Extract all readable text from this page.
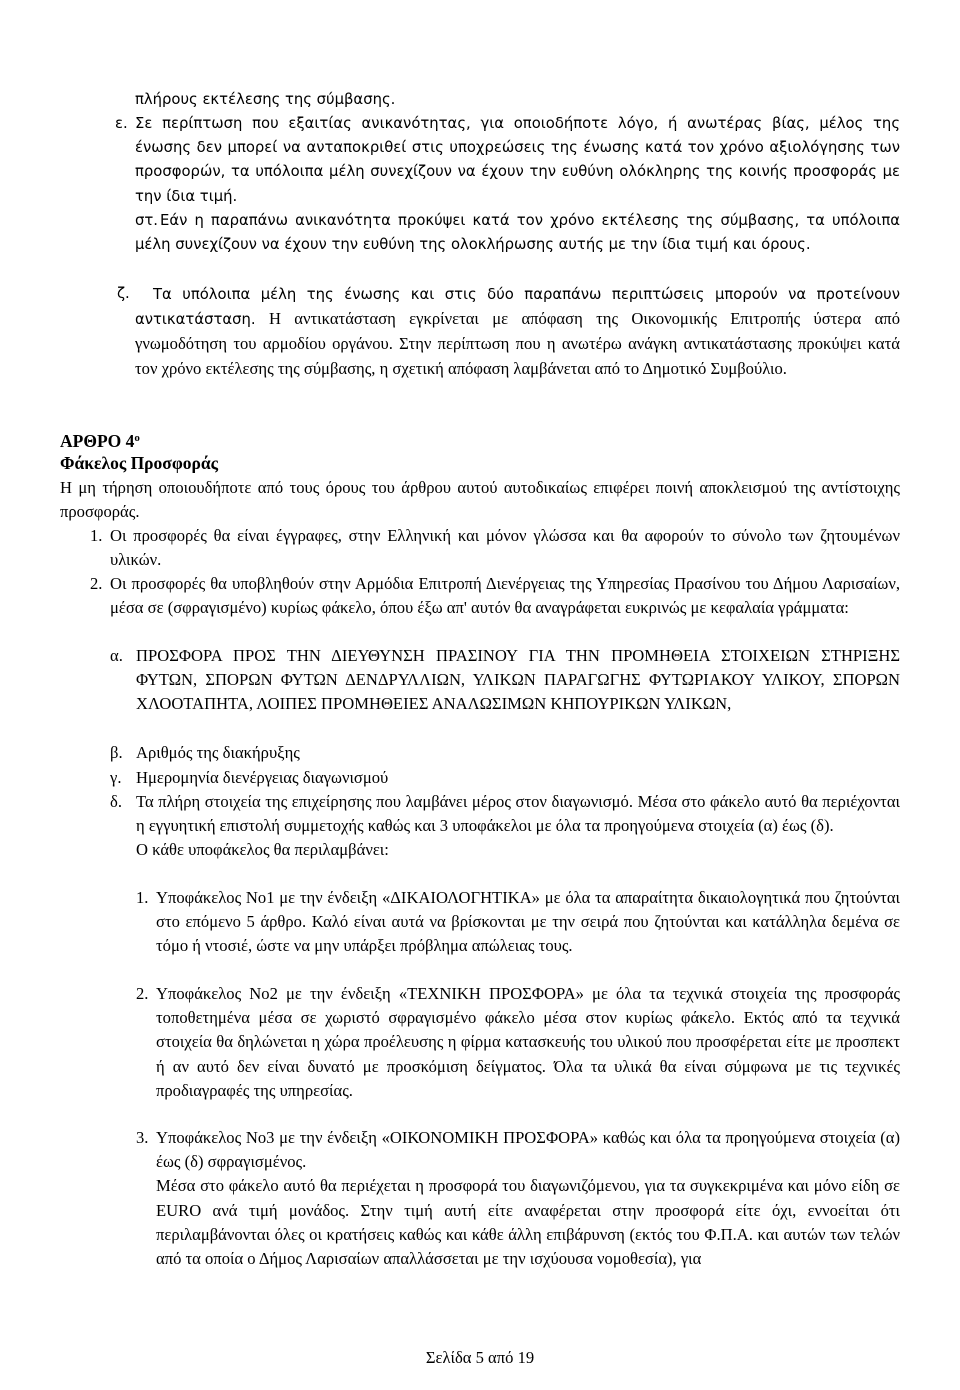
πλήρους εκτέλεσης της σύμβασης.

ε. Σε περίπτωση που εξαιτίας ανικανότητας, για οποιοδήποτε λόγο, ή ανωτέρας βίας, μέλος της ένωσης δεν μπορεί να ανταποκριθεί στις υποχρεώσεις της ένωσης κατά τον χρόνο αξιολόγησης των προσφορών, τα υπόλοιπα μέλη συνεχίζουν να έχουν την ευθύνη ολόκληρης της κοινής προσφοράς με την ίδια τιμή.

στ. Εάν η παραπάνω ανικανότητα προκύψει κατά τον χρόνο εκτέλεσης της σύμβασης, τα υπόλοιπα μέλη συνεχίζουν να έχουν την ευθύνη της ολοκλήρωσης αυτής με την ίδια τιμή και όρους.

ζ. Τα υπόλοιπα μέλη της ένωσης και στις δύο παραπάνω περιπτώσεις μπορούν να προτείνουν αντικατάσταση. Η αντικατάσταση εγκρίνεται με απόφαση της Οικονομικής Επιτροπής ύστερα από γνωμοδότηση του αρμοδίου οργάνου. Στην περίπτωση που η ανωτέρω ανάγκη αντικατάστασης προκύψει κατά τον χρόνο εκτέλεσης της σύμβασης, η σχετική απόφαση λαμβάνεται από το Δημοτικό Συμβούλιο.

ΑΡΘΡΟ $4^o$
Φάκελος Προσφοράς

Η μη τήρηση οποιουδήποτε από τους όρους του άρθρου αυτού αυτοδικαίως επιφέρει ποινή αποκλεισμού της αντίστοιχης προσφοράς.

1. Οι προσφορές θα είναι έγγραφες, στην Ελληνική και μόνον γλώσσα και θα αφορούν το σύνολο των ζητουμένων υλικών.

2. Οι προσφορές θα υποβληθούν στην Αρμόδια Επιτροπή Διενέργειας της Υπηρεσίας Πρασίνου του Δήμου Λαρισαίων, μέσα σε (σφραγισμένο) κυρίως φάκελο, όπου έξω απ' αυτόν θα αναγράφεται ευκρινώς με κεφαλαία γράμματα:

α. ΠΡΟΣΦΟΡΑ ΠΡΟΣ ΤΗΝ ΔΙΕΥΘΥΝΣΗ ΠΡΑΣΙΝΟΥ ΓΙΑ ΤΗΝ ΠΡΟΜΗΘΕΙΑ ΣΤΟΙΧΕΙΩΝ ΣΤΗΡΙΞΗΣ ΦΥΤΩΝ, ΣΠΟΡΩΝ ΦΥΤΩΝ ΔΕΝΔΡΥΛΛΙΩΝ, ΥΛΙΚΩΝ ΠΑΡΑΓΩΓΗΣ ΦΥΤΩΡΙΑΚΟΥ ΥΛΙΚΟΥ, ΣΠΟΡΩΝ ΧΛΟΟΤΑΠΗΤΑ, ΛΟΙΠΕΣ ΠΡΟΜΗΘΕΙΕΣ ΑΝΑΛΩΣΙΜΩΝ ΚΗΠΟΥΡΙΚΩΝ ΥΛΙΚΩΝ,

β. Αριθμός της διακήρυξης

γ. Ημερομηνία διενέργειας διαγωνισμού

δ. Τα πλήρη στοιχεία της επιχείρησης που λαμβάνει μέρος στον διαγωνισμό. Μέσα στο φάκελο αυτό θα περιέχονται η εγγυητική επιστολή συμμετοχής καθώς και 3 υποφάκελοι με όλα τα προηγούμενα στοιχεία (α) έως (δ).

Ο κάθε υποφάκελος θα περιλαμβάνει:

1. Υποφάκελος Νο1 με την ένδειξη «ΔΙΚΑΙΟΛΟΓΗΤΙΚΑ» με όλα τα απαραίτητα δικαιολογητικά που ζητούνται στο επόμενο 5 άρθρο. Καλό είναι αυτά να βρίσκονται με την σειρά που ζητούνται και κατάλληλα δεμένα σε τόμο ή ντοσιέ, ώστε να μην υπάρξει πρόβλημα απώλειας τους.

2. Υποφάκελος Νο2 με την ένδειξη «ΤΕΧΝΙΚΗ ΠΡΟΣΦΟΡΑ» με όλα τα τεχνικά στοιχεία της προσφοράς τοποθετημένα μέσα σε χωριστό σφραγισμένο φάκελο μέσα στον κυρίως φάκελο. Εκτός από τα τεχνικά στοιχεία θα δηλώνεται η χώρα προέλευσης η φίρμα κατασκευής του υλικού που προσφέρεται είτε με προσπεκτ ή αν αυτό δεν είναι δυνατό με προσκόμιση δείγματος. Όλα τα υλικά θα είναι σύμφωνα με τις τεχνικές προδιαγραφές της υπηρεσίας.

3. Υποφάκελος Νο3 με την ένδειξη «ΟΙΚΟΝΟΜΙΚΗ ΠΡΟΣΦΟΡΑ» καθώς και όλα τα προηγούμενα στοιχεία (α) έως (δ) σφραγισμένος.

Μέσα στο φάκελο αυτό θα περιέχεται η προσφορά του διαγωνιζόμενου, για τα συγκεκριμένα και μόνο είδη σε EURO ανά τιμή μονάδος. Στην τιμή αυτή είτε αναφέρεται στην προσφορά είτε όχι, εννοείται ότι περιλαμβάνονται όλες οι κρατήσεις καθώς και κάθε άλλη επιβάρυνση (εκτός του Φ.Π.Α. και αυτών των τελών από τα οποία ο Δήμος Λαρισαίων απαλλάσσεται με την ισχύουσα νομοθεσία), για

Σελίδα 5 από 19
